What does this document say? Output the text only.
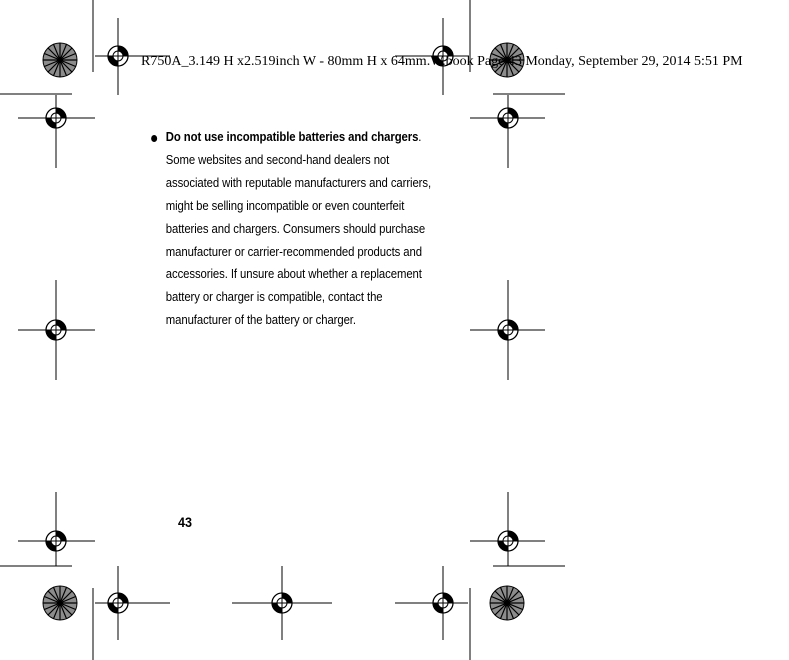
R750A_3.149 H x2.519inch W - 80mm H x 64mm.W.book Page 43 Monday, September 29, 2014 5:51 PM
Do not use incompatible batteries and chargers. Some websites and second-hand dealers not associated with reputable manufacturers and carriers, might be selling incompatible or even counterfeit batteries and chargers. Consumers should purchase manufacturer or carrier-recommended products and accessories. If unsure about whether a replacement battery or charger is compatible, contact the manufacturer of the battery or charger.
43
